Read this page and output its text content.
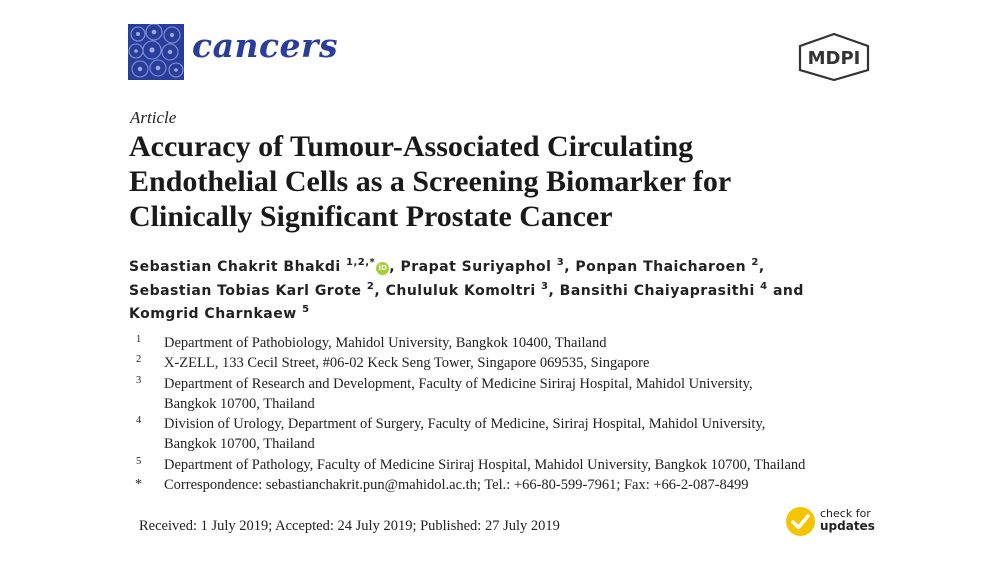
cancers	MDPI
Article
Accuracy of Tumour-Associated Circulating
Endothelial Cells as a Screening Biomarker for
Clinically Significant Prostate Cancer
Sebastian Chakrit Bhakdi $^{1,2,*}$ iD , Prapat Suriyaphol $^3$, Ponpan Thaicharoen $^2$,
Sebastian Tobias Karl Grote $^2$, Chululuk Komoltri $^3$, Bansithi Chaiyaprasithi $^4$ and
Komgrid Charnkaew $^5$
1	Department of Pathobiology, Mahidol University, Bangkok 10400, Thailand
2	X-ZELL, 133 Cecil Street, #06-02 Keck Seng Tower, Singapore 069535, Singapore
3	Department of Research and Development, Faculty of Medicine Siriraj Hospital, Mahidol University,
Bangkok 10700, Thailand
4	Division of Urology, Department of Surgery, Faculty of Medicine, Siriraj Hospital, Mahidol University,
Bangkok 10700, Thailand
5	Department of Pathology, Faculty of Medicine Siriraj Hospital, Mahidol University, Bangkok 10700, Thailand
*	Correspondence: sebastianchakrit.pun@mahidol.ac.th; Tel.: +66-80-599-7961; Fax: +66-2-087-8499
Received: 1 July 2019; Accepted: 24 July 2019; Published: 27 July 2019
check for
updates
